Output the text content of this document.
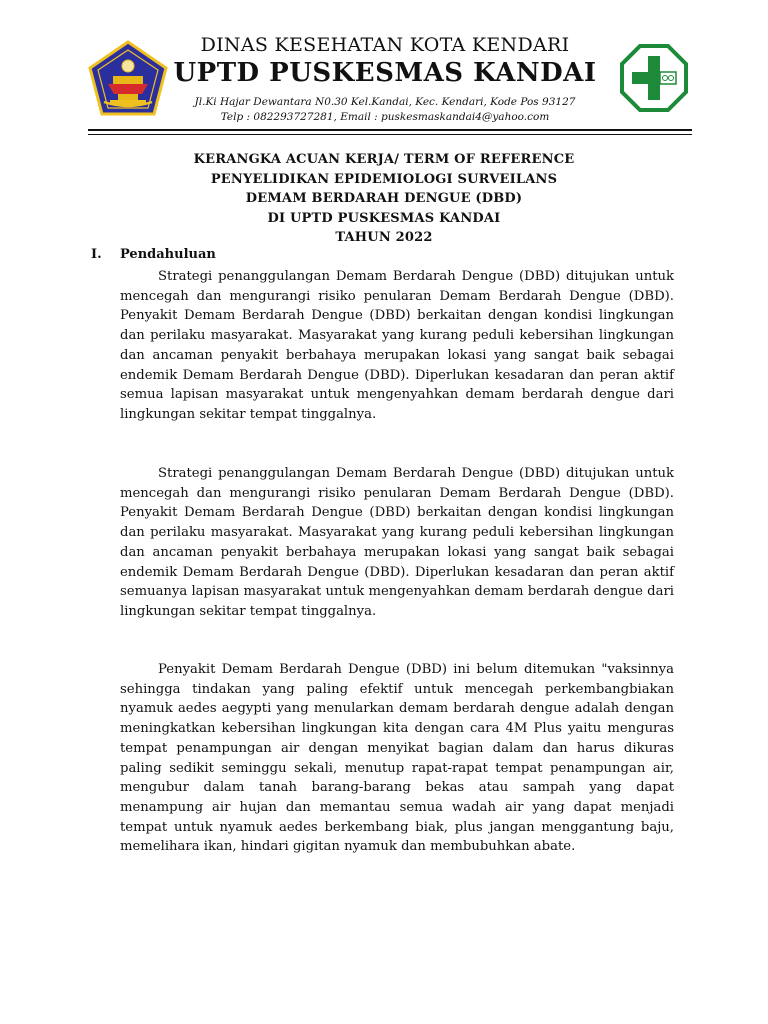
DINAS KESEHATAN KOTA KENDARI
UPTD PUSKESMAS KANDAI
Jl.Ki Hajar Dewantara N0.30 Kel.Kandai, Kec. Kendari, Kode Pos 93127
Telp : 082293727281, Email : puskesmaskandai4@yahoo.com
KERANGKA ACUAN KERJA/ TERM OF REFERENCE
PENYELIDIKAN EPIDEMIOLOGI SURVEILANS
DEMAM BERDARAH DENGUE (DBD)
DI UPTD PUSKESMAS KANDAI
TAHUN 2022
I. Pendahuluan
Strategi penanggulangan Demam Berdarah Dengue (DBD) ditujukan untuk mencegah dan mengurangi risiko penularan Demam Berdarah Dengue (DBD). Penyakit Demam Berdarah Dengue (DBD) berkaitan dengan kondisi lingkungan dan perilaku masyarakat. Masyarakat yang kurang peduli kebersihan lingkungan dan ancaman penyakit berbahaya merupakan lokasi yang sangat baik sebagai endemik Demam Berdarah Dengue (DBD). Diperlukan kesadaran dan peran aktif semua lapisan masyarakat untuk mengenyahkan demam berdarah dengue dari lingkungan sekitar tempat tinggalnya.
Strategi penanggulangan Demam Berdarah Dengue (DBD) ditujukan untuk mencegah dan mengurangi risiko penularan Demam Berdarah Dengue (DBD). Penyakit Demam Berdarah Dengue (DBD) berkaitan dengan kondisi lingkungan dan perilaku masyarakat. Masyarakat yang kurang peduli kebersihan lingkungan dan ancaman penyakit berbahaya merupakan lokasi yang sangat baik sebagai endemik Demam Berdarah Dengue (DBD). Diperlukan kesadaran dan peran aktif semuanya lapisan masyarakat untuk mengenyahkan demam berdarah dengue dari lingkungan sekitar tempat tinggalnya.
Penyakit Demam Berdarah Dengue (DBD) ini belum ditemukan "vaksinnya sehingga tindakan yang paling efektif untuk mencegah perkembangbiakan nyamuk aedes aegypti yang menularkan demam berdarah dengue adalah dengan meningkatkan kebersihan lingkungan kita dengan cara 4M Plus yaitu menguras tempat penampungan air dengan menyikat bagian dalam dan harus dikuras paling sedikit seminggu sekali, menutup rapat-rapat tempat penampungan air, mengubur dalam tanah barang-barang bekas atau sampah yang dapat menampung air hujan dan memantau semua wadah air yang dapat menjadi tempat untuk nyamuk aedes berkembang biak, plus jangan menggantung baju, memelihara ikan, hindari gigitan nyamuk dan membubuhkan abate.
